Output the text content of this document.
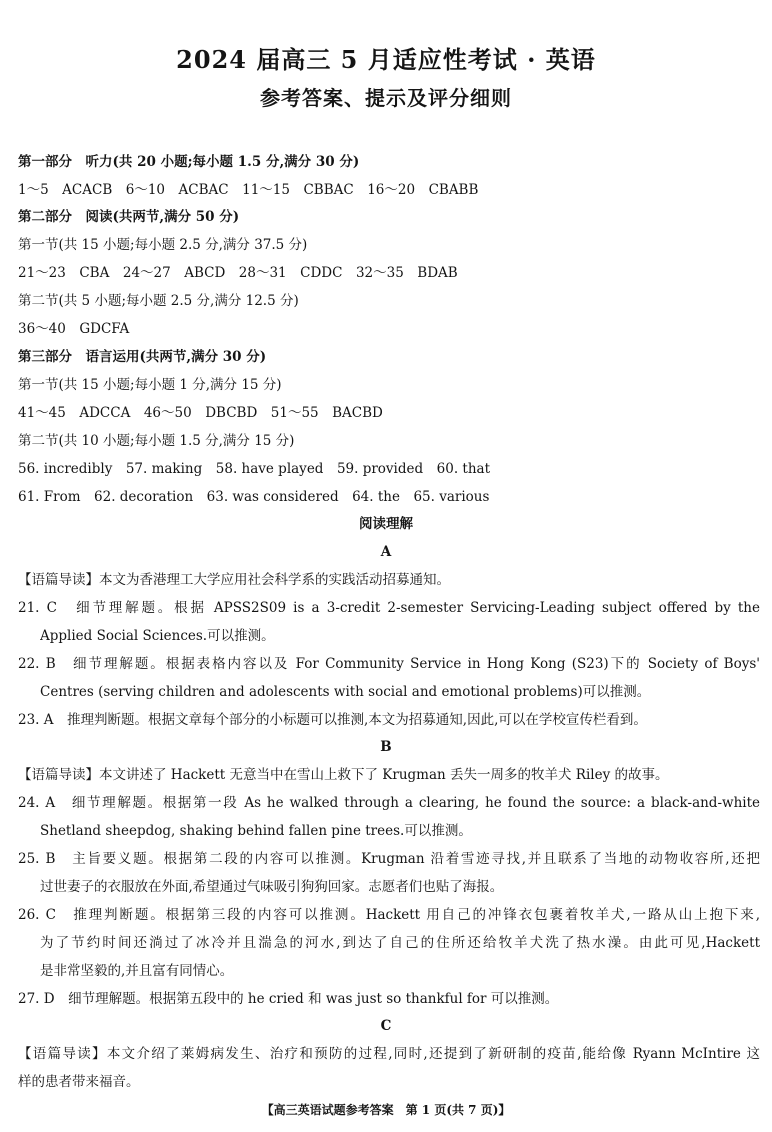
2024 届高三 5 月适应性考试 · 英语
参考答案、提示及评分细则
第一部分　听力(共 20 小题;每小题 1.5 分,满分 30 分)
1～5　ACACB　6～10　ACBAC　11～15　CBBAC　16～20　CBABB
第二部分　阅读(共两节,满分 50 分)
第一节(共 15 小题;每小题 2.5 分,满分 37.5 分)
21～23　CBA　24～27　ABCD　28～31　CDDC　32～35　BDAB
第二节(共 5 小题;每小题 2.5 分,满分 12.5 分)
36～40　GDCFA
第三部分　语言运用(共两节,满分 30 分)
第一节(共 15 小题;每小题 1 分,满分 15 分)
41～45　ADCCA　46～50　DBCBD　51～55　BACBD
第二节(共 10 小题;每小题 1.5 分,满分 15 分)
56. incredibly　57. making　58. have played　59. provided　60. that
61. From　62. decoration　63. was considered　64. the　65. various
阅读理解
A
【语篇导读】本文为香港理工大学应用社会科学系的实践活动招募通知。
21. C　细节理解题。根据 APSS2S09 is a 3-credit 2-semester Servicing-Leading subject offered by the
Applied Social Sciences.可以推测。
22. B　细节理解题。根据表格内容以及 For Community Service in Hong Kong (S23)下的 Society of Boys'
Centres (serving children and adolescents with social and emotional problems)可以推测。
23. A　推理判断题。根据文章每个部分的小标题可以推测,本文为招募通知,因此,可以在学校宣传栏看到。
B
【语篇导读】本文讲述了 Hackett 无意当中在雪山上救下了 Krugman 丢失一周多的牧羊犬 Riley 的故事。
24. A　细节理解题。根据第一段 As he walked through a clearing, he found the source: a black-and-white
Shetland sheepdog, shaking behind fallen pine trees.可以推测。
25. B　主旨要义题。根据第二段的内容可以推测。Krugman 沿着雪迹寻找,并且联系了当地的动物收容所,还把
过世妻子的衣服放在外面,希望通过气味吸引狗狗回家。志愿者们也贴了海报。
26. C　推理判断题。根据第三段的内容可以推测。Hackett 用自己的冲锋衣包裹着牧羊犬,一路从山上抱下来,
为了节约时间还淌过了冰冷并且湍急的河水,到达了自己的住所还给牧羊犬洗了热水澡。由此可见,Hackett
是非常坚毅的,并且富有同情心。
27. D　细节理解题。根据第五段中的 he cried 和 was just so thankful for 可以推测。
C
【语篇导读】本文介绍了莱姆病发生、治疗和预防的过程,同时,还提到了新研制的疫苗,能给像 Ryann McIntire 这
样的患者带来福音。
【高三英语试题参考答案　第 1 页(共 7 页)】
